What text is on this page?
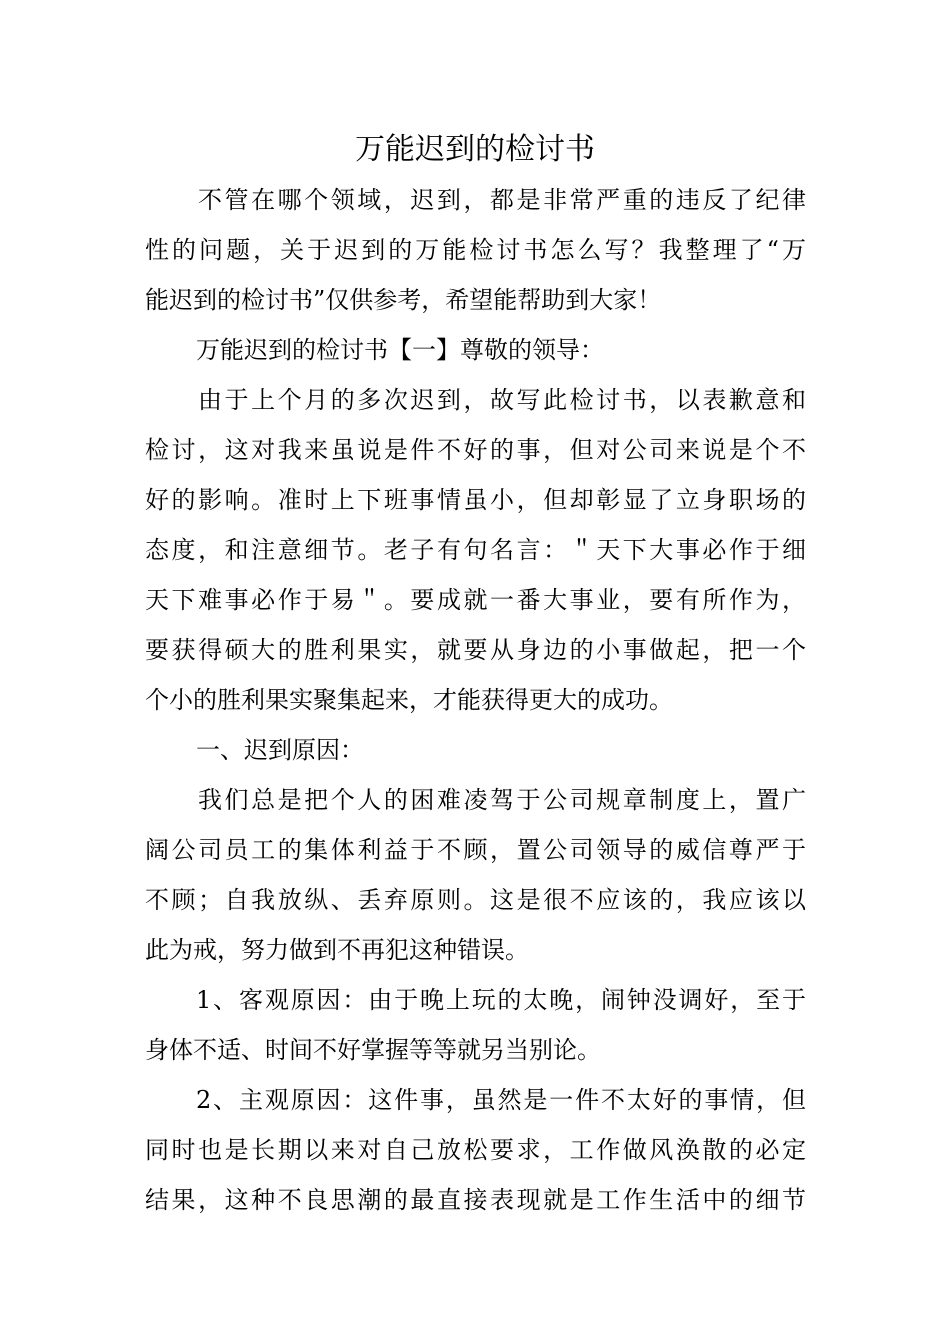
万能迟到的检讨书
不管在哪个领域，迟到，都是非常严重的违反了纪律
性的问题，关于迟到的万能检讨书怎么写？我整理了“万
能迟到的检讨书”仅供参考，希望能帮助到大家！
万能迟到的检讨书【一】尊敬的领导：
由于上个月的多次迟到，故写此检讨书，以表歉意和
检讨，这对我来虽说是件不好的事，但对公司来说是个不
好的影响。准时上下班事情虽小，但却彰显了立身职场的
态度，和注意细节。老子有句名言：＂天下大事必作于细
天下难事必作于易＂。要成就一番大事业，要有所作为，
要获得硕大的胜利果实，就要从身边的小事做起，把一个
个小的胜利果实聚集起来，才能获得更大的成功。
一、迟到原因：
我们总是把个人的困难凌驾于公司规章制度上，置广
阔公司员工的集体利益于不顾，置公司领导的威信尊严于
不顾；自我放纵、丢弃原则。这是很不应该的，我应该以
此为戒，努力做到不再犯这种错误。
1、客观原因：由于晚上玩的太晚，闹钟没调好，至于
身体不适、时间不好掌握等等就另当别论。
2、主观原因：这件事，虽然是一件不太好的事情，但
同时也是长期以来对自己放松要求，工作做风涣散的必定
结果，这种不良思潮的最直接表现就是工作生活中的细节
